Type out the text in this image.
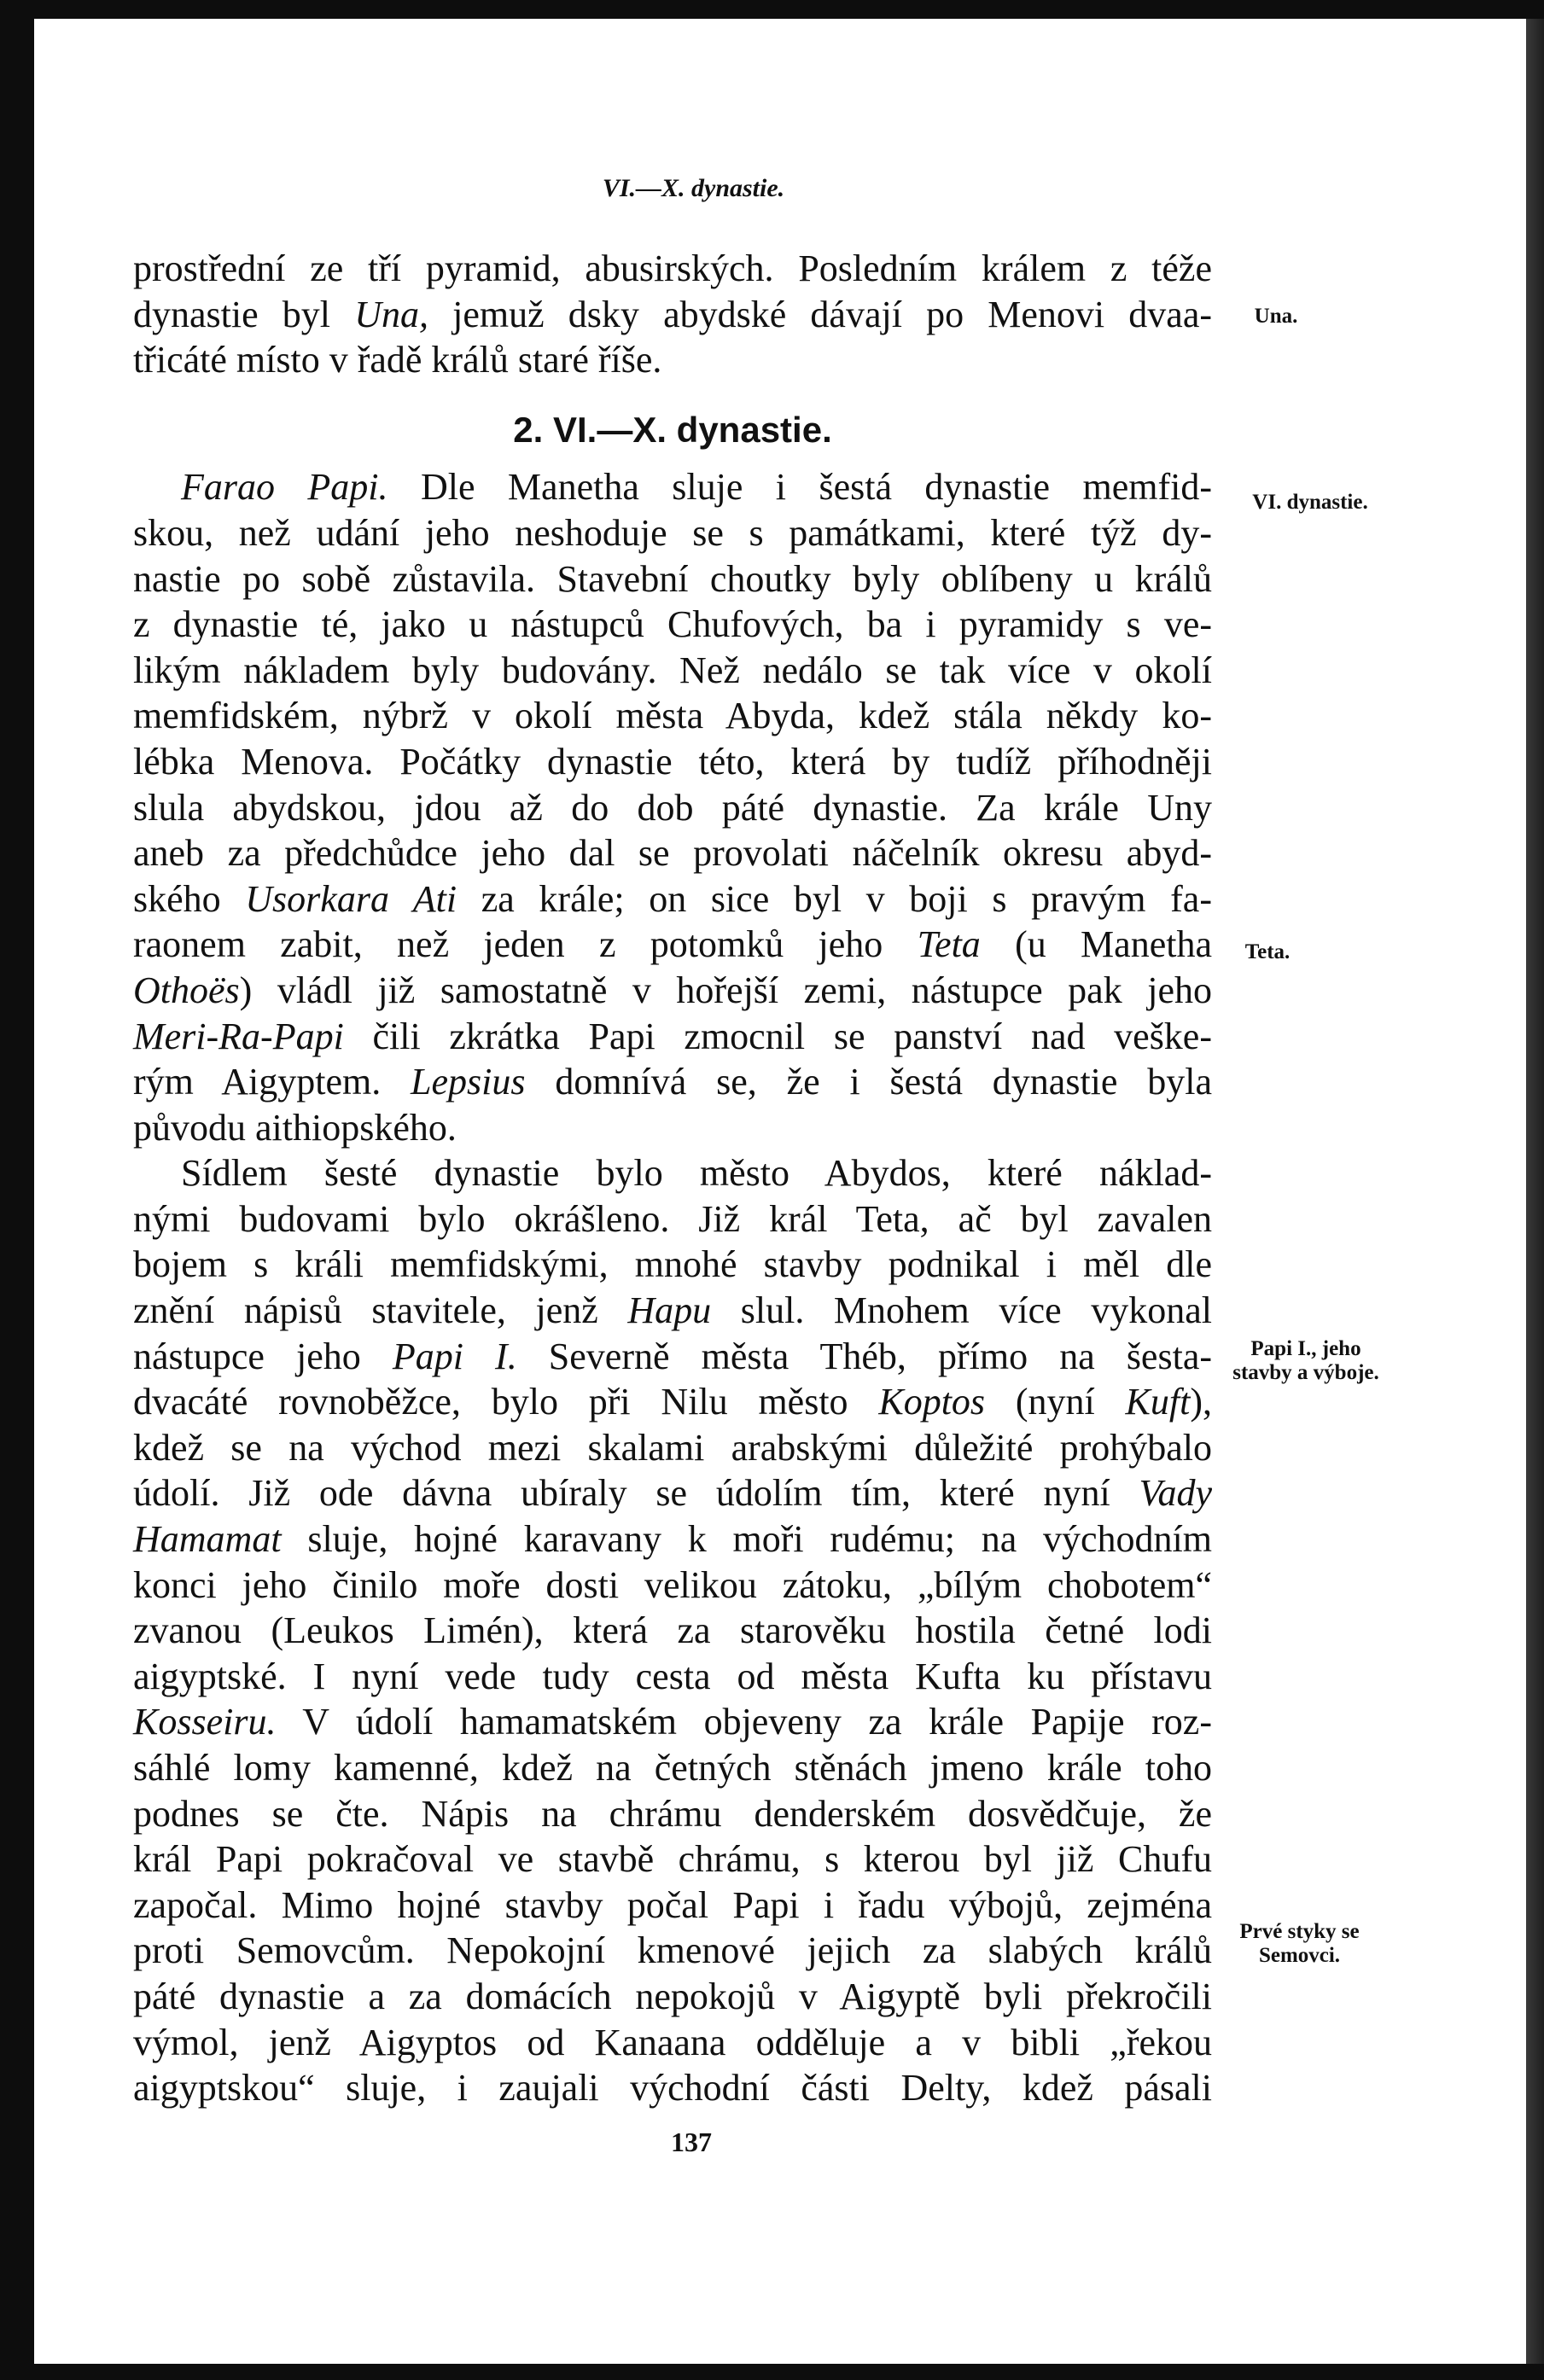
VI.—X. dynastie.
prostřední ze tří pyramid, abusirských. Posledním králem z téže
dynastie byl Una, jemuž dsky abydské dávají po Menovi dvaa-
třicáté místo v řadě králů staré říše.
2. VI.—X. dynastie.
Farao Papi. Dle Manetha sluje i šestá dynastie memfid-
skou, než udání jeho neshoduje se s památkami, které týž dy-
nastie po sobě zůstavila. Stavební choutky byly oblíbeny u králů
z dynastie té, jako u nástupců Chufových, ba i pyramidy s ve-
likým nákladem byly budovány. Než nedálo se tak více v okolí
memfidském, nýbrž v okolí města Abyda, kdež stála někdy ko-
lébka Menova. Počátky dynastie této, která by tudíž příhodněji
slula abydskou, jdou až do dob páté dynastie. Za krále Uny
aneb za předchůdce jeho dal se provolati náčelník okresu abyd-
ského Usorkara Ati za krále; on sice byl v boji s pravým fa-
raonem zabit, než jeden z potomků jeho Teta (u Manetha
Othoës) vládl již samostatně v hořejší zemi, nástupce pak jeho
Meri-Ra-Papi čili zkrátka Papi zmocnil se panství nad veške-
rým Aigyptem. Lepsius domnívá se, že i šestá dynastie byla
původu aithiopského.
Sídlem šesté dynastie bylo město Abydos, které náklad-
nými budovami bylo okrášleno. Již král Teta, ač byl zavalen
bojem s králi memfidskými, mnohé stavby podnikal i měl dle
znění nápisů stavitele, jenž Hapu slul. Mnohem více vykonal
nástupce jeho Papi I. Severně města Théb, přímo na šesta-
dvacáté rovnoběžce, bylo při Nilu město Koptos (nyní Kuft),
kdež se na východ mezi skalami arabskými důležité prohýbalo
údolí. Již ode dávna ubíraly se údolím tím, které nyní Vady
Hamamat sluje, hojné karavany k moři rudému; na východním
konci jeho činilo moře dosti velikou zátoku, „bílým chobotem“
zvanou (Leukos Limén), která za starověku hostila četné lodi
aigyptské. I nyní vede tudy cesta od města Kufta ku přístavu
Kosseiru. V údolí hamamatském objeveny za krále Papije roz-
sáhlé lomy kamenné, kdež na četných stěnách jmeno krále toho
podnes se čte. Nápis na chrámu denderském dosvědčuje, že
král Papi pokračoval ve stavbě chrámu, s kterou byl již Chufu
započal. Mimo hojné stavby počal Papi i řadu výbojů, zejména
proti Semovcům. Nepokojní kmenové jejich za slabých králů
páté dynastie a za domácích nepokojů v Aigyptě byli překročili
výmol, jenž Aigyptos od Kanaana odděluje a v bibli „řekou
aigyptskou“ sluje, i zaujali východní části Delty, kdež pásali
Una.
VI. dynastie.
Teta.
Papi I., jeho stavby a výboje.
Prvé styky se Semovci.
137
